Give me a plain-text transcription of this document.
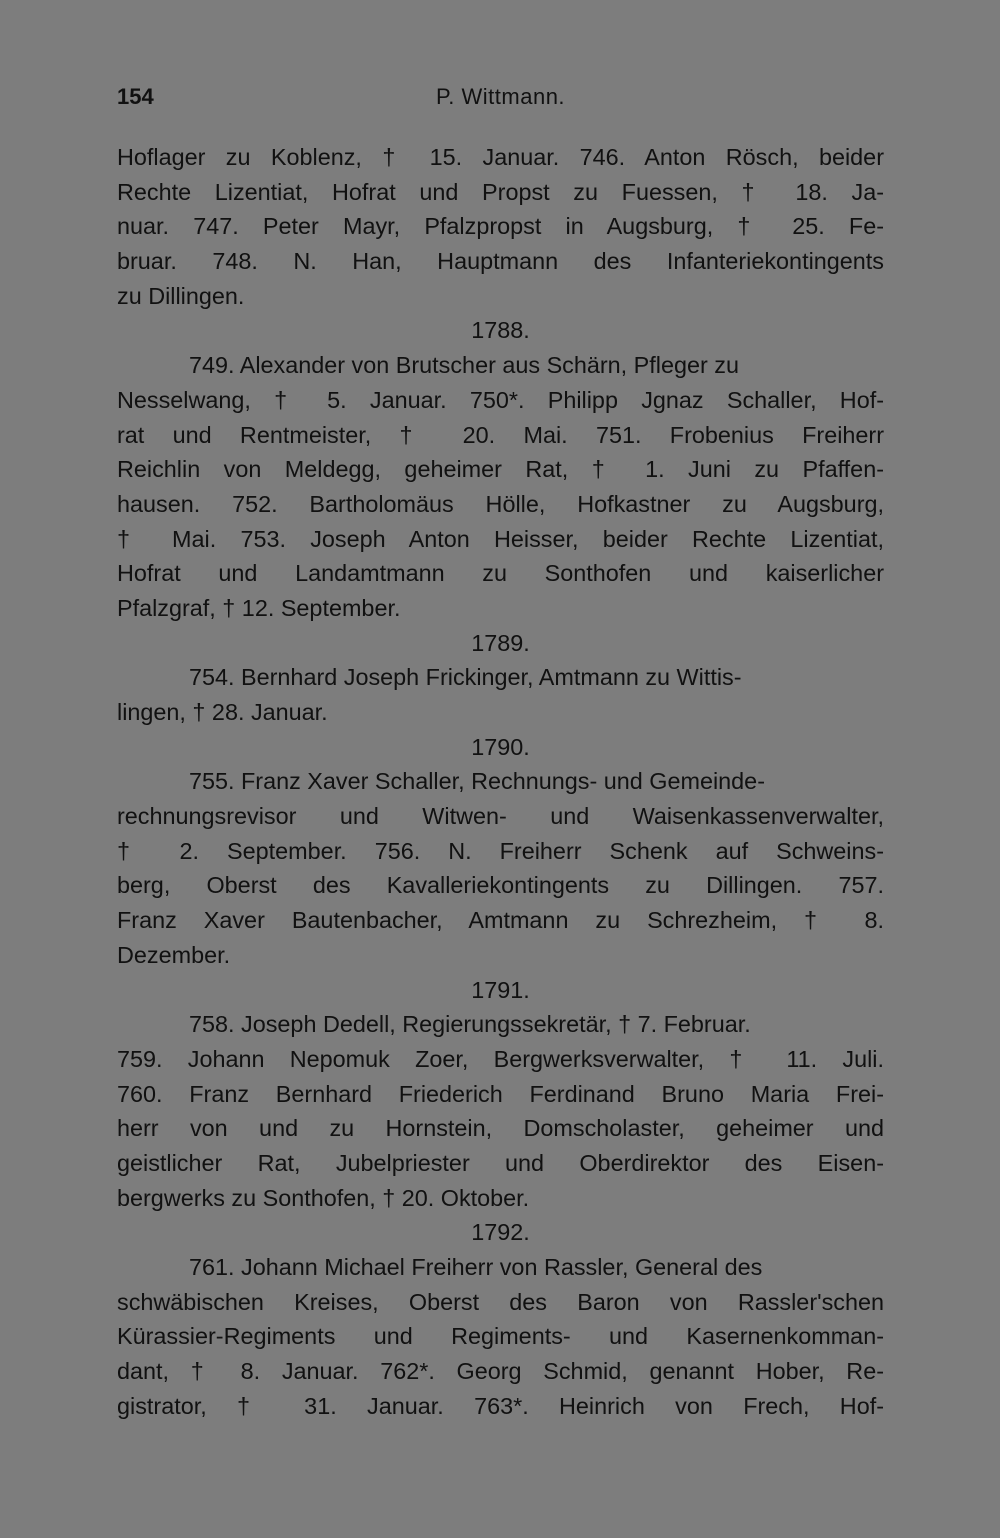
154	P. Wittmann.
Hoflager zu Koblenz, † 15. Januar. 746. Anton Rösch, beider
Rechte Lizentiat, Hofrat und Propst zu Fuessen, † 18. Ja-
nuar. 747. Peter Mayr, Pfalzpropst in Augsburg, † 25. Fe-
bruar. 748. N. Han, Hauptmann des Infanteriekontingents
zu Dillingen.
1788.
749. Alexander von Brutscher aus Schärn, Pfleger zu
Nesselwang, † 5. Januar. 750*. Philipp Jgnaz Schaller, Hof-
rat und Rentmeister, † 20. Mai. 751. Frobenius Freiherr
Reichlin von Meldegg, geheimer Rat, † 1. Juni zu Pfaffen-
hausen. 752. Bartholomäus Hölle, Hofkastner zu Augsburg,
† Mai. 753. Joseph Anton Heisser, beider Rechte Lizentiat,
Hofrat und Landamtmann zu Sonthofen und kaiserlicher
Pfalzgraf, † 12. September.
1789.
754. Bernhard Joseph Frickinger, Amtmann zu Wittis-
lingen, † 28. Januar.
1790.
755. Franz Xaver Schaller, Rechnungs- und Gemeinde-
rechnungsrevisor und Witwen- und Waisenkassenverwalter,
† 2. September. 756. N. Freiherr Schenk auf Schweins-
berg, Oberst des Kavalleriekontingents zu Dillingen. 757.
Franz Xaver Bautenbacher, Amtmann zu Schrezheim, † 8.
Dezember.
1791.
758. Joseph Dedell, Regierungssekretär, † 7. Februar.
759. Johann Nepomuk Zoer, Bergwerksverwalter, † 11. Juli.
760. Franz Bernhard Friederich Ferdinand Bruno Maria Frei-
herr von und zu Hornstein, Domscholaster, geheimer und
geistlicher Rat, Jubelpriester und Oberdirektor des Eisen-
bergwerks zu Sonthofen, † 20. Oktober.
1792.
761. Johann Michael Freiherr von Rassler, General des
schwäbischen Kreises, Oberst des Baron von Rassler'schen
Kürassier-Regiments und Regiments- und Kasernenkomman-
dant, † 8. Januar. 762*. Georg Schmid, genannt Hober, Re-
gistrator, † 31. Januar. 763*. Heinrich von Frech, Hof-
